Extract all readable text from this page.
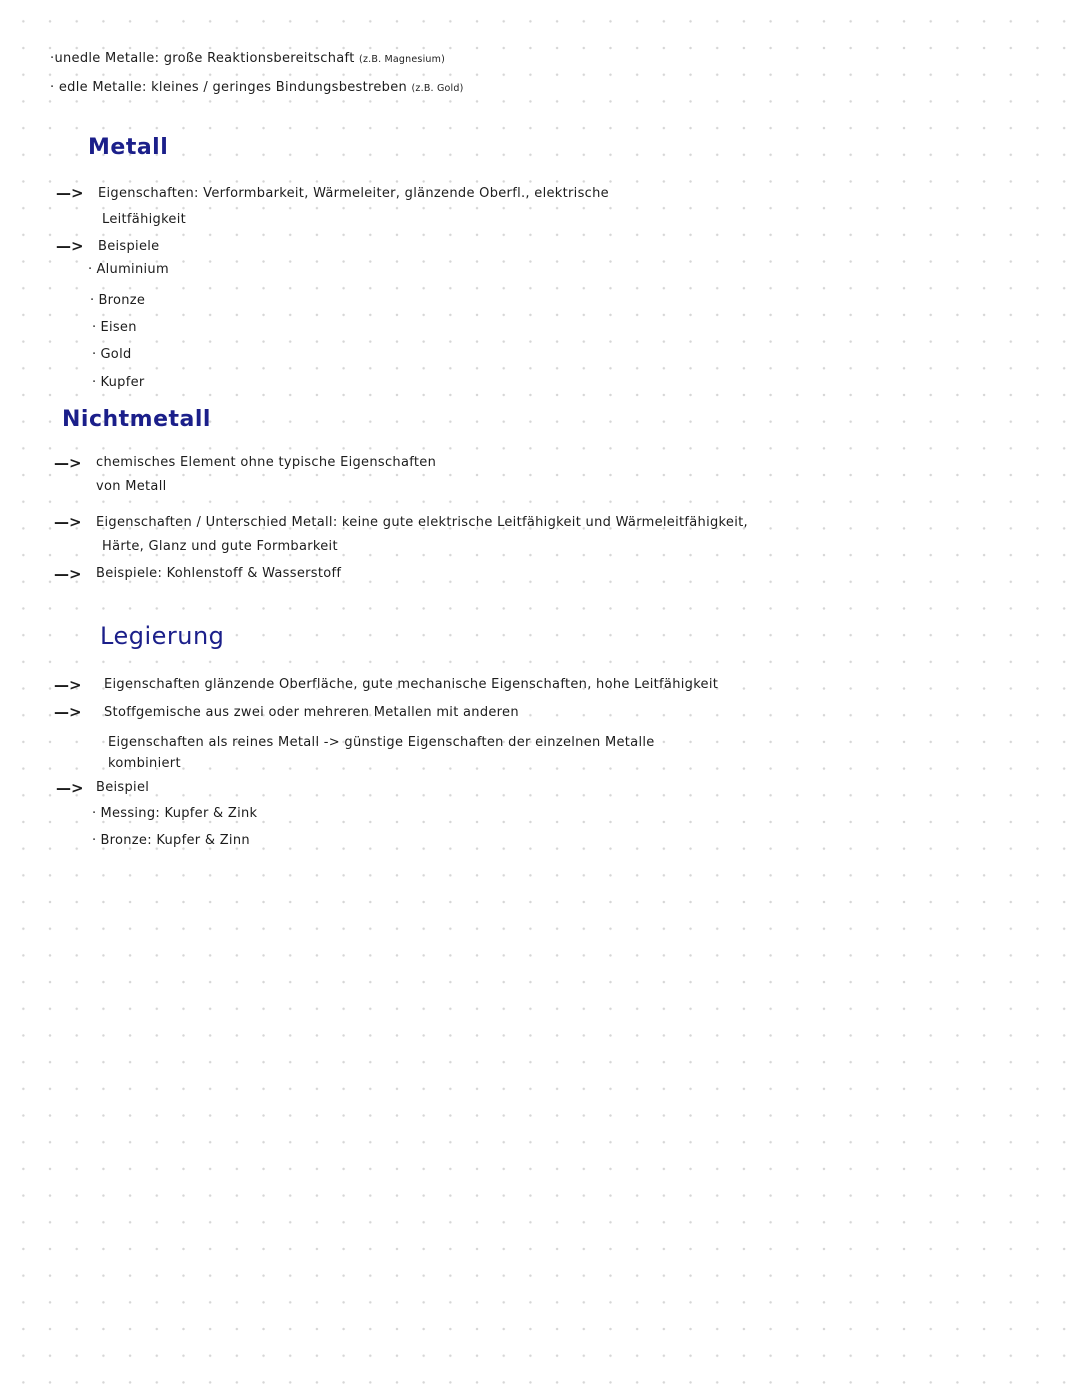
·unedle Metalle: große Reaktionsbereitschaft (z.B. Magnesium)
· edle Metalle: kleines / geringes Bindungsbestreben (z.B. Gold)
Metall
—> Eigenschaften: Verformbarkeit, Wärmeleiter, glänzende Oberfl., elektrische
Leitfähigkeit
—> Beispiele
· Aluminium
· Bronze
· Eisen
· Gold
· Kupfer
Nichtmetall
—> chemisches Element ohne typische Eigenschaften
von Metall
—> Eigenschaften / Unterschied Metall: keine gute elektrische Leitfähigkeit und Wärmeleitfähigkeit,
Härte, Glanz und gute Formbarkeit
—> Beispiele: Kohlenstoff & Wasserstoff
Legierung
—> Eigenschaften glänzende Oberfläche, gute mechanische Eigenschaften, hohe Leitfähigkeit
—> Stoffgemische aus zwei oder mehreren Metallen mit anderen
Eigenschaften als reines Metall -> günstige Eigenschaften der einzelnen Metalle
kombiniert
—> Beispiel
· Messing: Kupfer & Zink
· Bronze: Kupfer & Zinn
